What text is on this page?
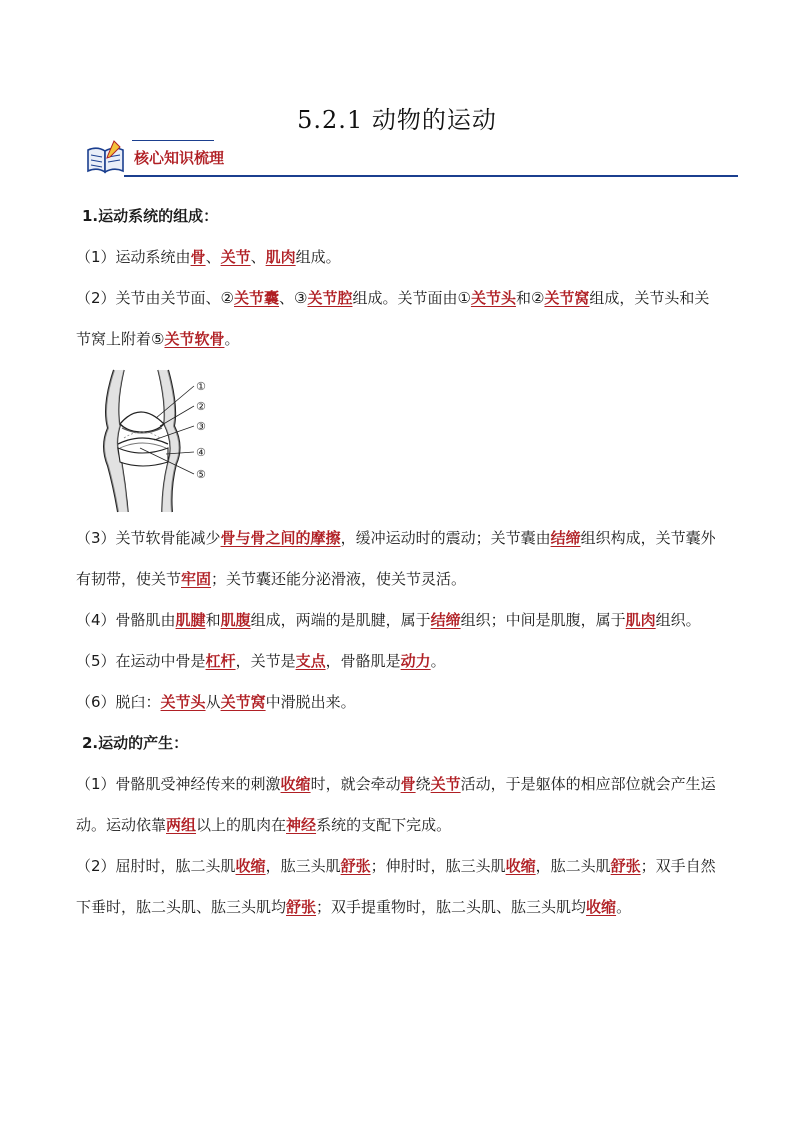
5.2.1 动物的运动
核心知识梳理

1.运动系统的组成：

（1）运动系统由骨、关节、肌肉组成。

（2）关节由关节面、②关节囊、③关节腔组成。关节面由①关节头和②关节窝组成，关节头和关节窝上附着⑤关节软骨。

①
②
③
④
⑤

（3）关节软骨能减少骨与骨之间的摩擦，缓冲运动时的震动；关节囊由结缔组织构成，关节囊外有韧带，使关节牢固；关节囊还能分泌滑液，使关节灵活。

（4）骨骼肌由肌腱和肌腹组成，两端的是肌腱，属于结缔组织；中间是肌腹，属于肌肉组织。

（5）在运动中骨是杠杆，关节是支点，骨骼肌是动力。

（6）脱臼：关节头从关节窝中滑脱出来。

2.运动的产生：

（1）骨骼肌受神经传来的刺激收缩时，就会牵动骨绕关节活动，于是躯体的相应部位就会产生运动。运动依靠两组以上的肌肉在神经系统的支配下完成。

（2）屈肘时，肱二头肌收缩，肱三头肌舒张；伸肘时，肱三头肌收缩，肱二头肌舒张；双手自然下垂时，肱二头肌、肱三头肌均舒张；双手提重物时，肱二头肌、肱三头肌均收缩。
